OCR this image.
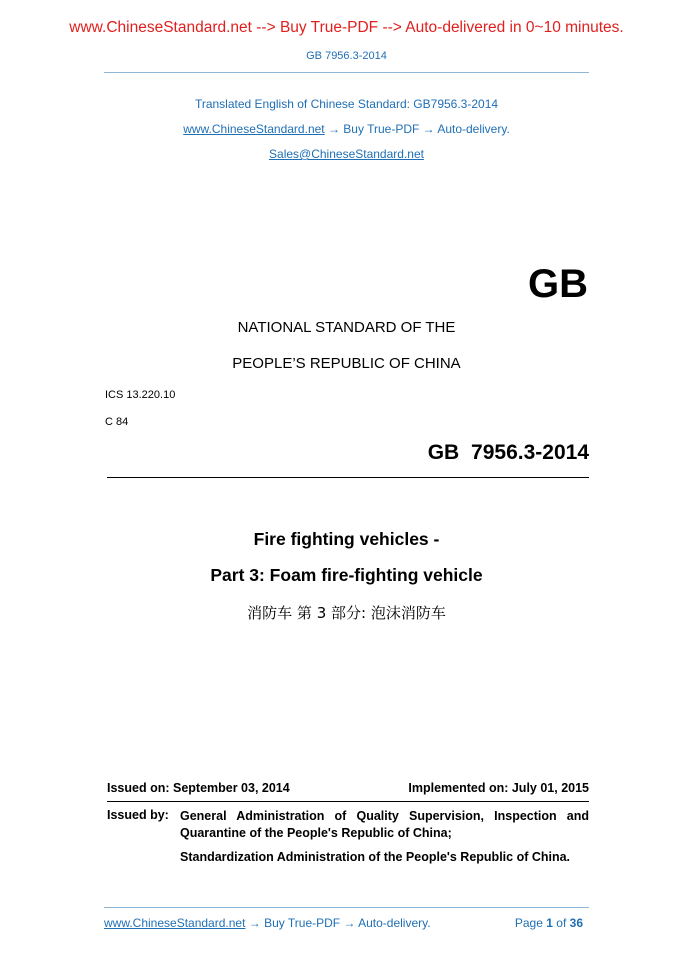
www.ChineseStandard.net --> Buy True-PDF --> Auto-delivered in 0~10 minutes.
GB 7956.3-2014
Translated English of Chinese Standard: GB7956.3-2014
www.ChineseStandard.net → Buy True-PDF → Auto-delivery.
Sales@ChineseStandard.net
GB
NATIONAL STANDARD OF THE
PEOPLE’S REPUBLIC OF CHINA
ICS 13.220.10
C 84
GB 7956.3-2014
Fire fighting vehicles -
Part 3: Foam fire-fighting vehicle
消防车 第 3 部分: 泡沫消防车
Issued on: September 03, 2014	Implemented on: July 01, 2015
Issued by: General Administration of Quality Supervision, Inspection and Quarantine of the People's Republic of China;
Standardization Administration of the People's Republic of China.
www.ChineseStandard.net → Buy True-PDF → Auto-delivery.	Page 1 of 36
